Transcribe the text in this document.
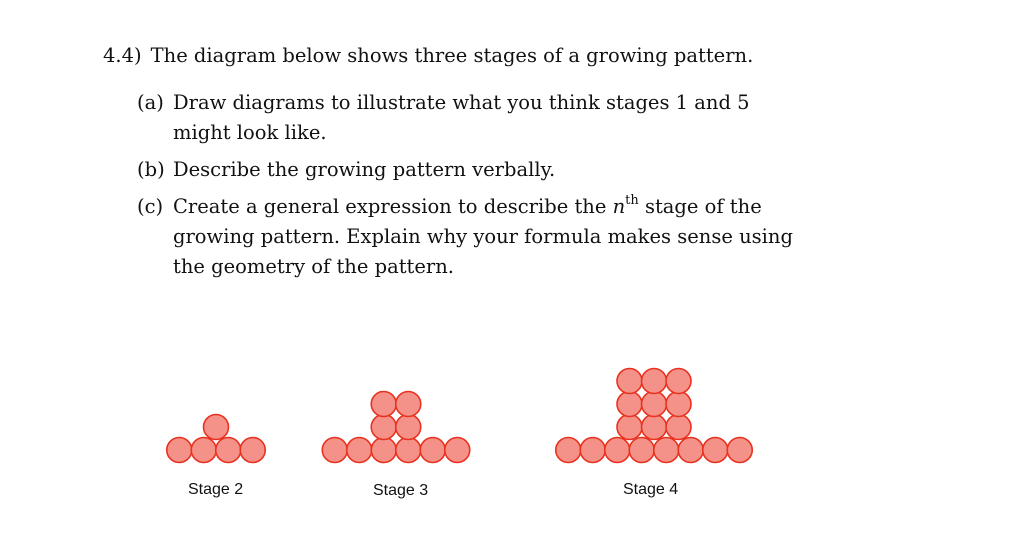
4.4) The diagram below shows three stages of a growing pattern.
(a) Draw diagrams to illustrate what you think stages 1 and 5
might look like.
(b) Describe the growing pattern verbally.
(c) Create a general expression to describe the $n^{th}$ stage of the
growing pattern. Explain why your formula makes sense using
the geometry of the pattern.
Stage 2	Stage 3	Stage 4
